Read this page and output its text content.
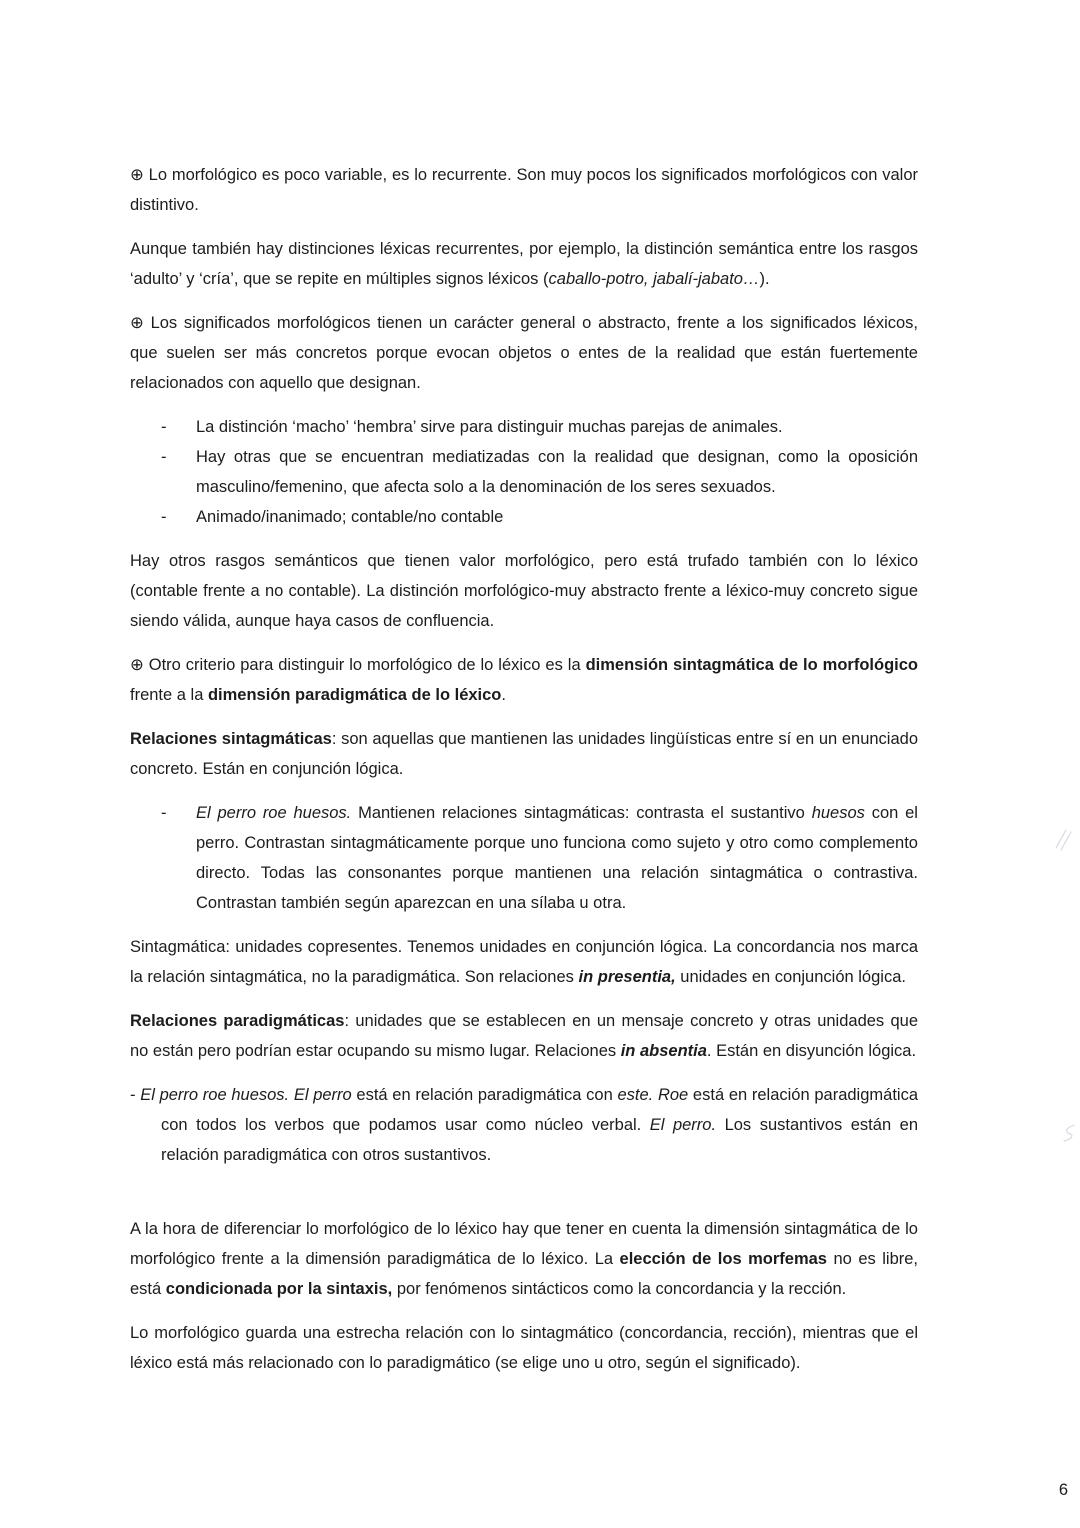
⊕ Lo morfológico es poco variable, es lo recurrente. Son muy pocos los significados morfológicos con valor distintivo.

Aunque también hay distinciones léxicas recurrentes, por ejemplo, la distinción semántica entre los rasgos ‘adulto’ y ‘cría’, que se repite en múltiples signos léxicos (caballo-potro, jabalí-jabato…).

⊕ Los significados morfológicos tienen un carácter general o abstracto, frente a los significados léxicos, que suelen ser más concretos porque evocan objetos o entes de la realidad que están fuertemente relacionados con aquello que designan.

- La distinción ‘macho’ ‘hembra’ sirve para distinguir muchas parejas de animales.
- Hay otras que se encuentran mediatizadas con la realidad que designan, como la oposición masculino/femenino, que afecta solo a la denominación de los seres sexuados.
- Animado/inanimado; contable/no contable

Hay otros rasgos semánticos que tienen valor morfológico, pero está trufado también con lo léxico (contable frente a no contable). La distinción morfológico-muy abstracto frente a léxico-muy concreto sigue siendo válida, aunque haya casos de confluencia.

⊕ Otro criterio para distinguir lo morfológico de lo léxico es la dimensión sintagmática de lo morfológico frente a la dimensión paradigmática de lo léxico.

Relaciones sintagmáticas: son aquellas que mantienen las unidades lingüísticas entre sí en un enunciado concreto. Están en conjunción lógica.

- El perro roe huesos. Mantienen relaciones sintagmáticas: contrasta el sustantivo huesos con el perro. Contrastan sintagmáticamente porque uno funciona como sujeto y otro como complemento directo. Todas las consonantes porque mantienen una relación sintagmática o contrastiva. Contrastan también según aparezcan en una sílaba u otra.

Sintagmática: unidades copresentes. Tenemos unidades en conjunción lógica. La concordancia nos marca la relación sintagmática, no la paradigmática. Son relaciones in presentia, unidades en conjunción lógica.

Relaciones paradigmáticas: unidades que se establecen en un mensaje concreto y otras unidades que no están pero podrían estar ocupando su mismo lugar. Relaciones in absentia. Están en disyunción lógica.

- El perro roe huesos. El perro está en relación paradigmática con este. Roe está en relación paradigmática con todos los verbos que podamos usar como núcleo verbal. El perro. Los sustantivos están en relación paradigmática con otros sustantivos.

A la hora de diferenciar lo morfológico de lo léxico hay que tener en cuenta la dimensión sintagmática de lo morfológico frente a la dimensión paradigmática de lo léxico. La elección de los morfemas no es libre, está condicionada por la sintaxis, por fenómenos sintácticos como la concordancia y la rección.

Lo morfológico guarda una estrecha relación con lo sintagmático (concordancia, rección), mientras que el léxico está más relacionado con lo paradigmático (se elige uno u otro, según el significado).

6
